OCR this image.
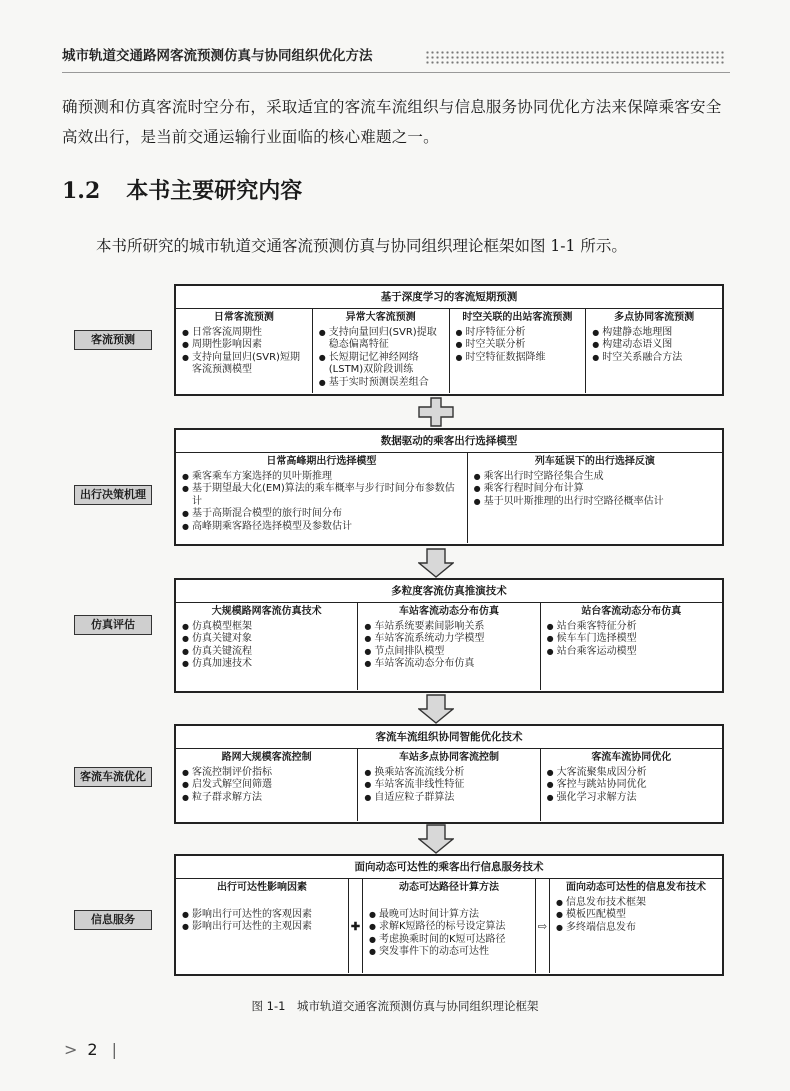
城市轨道交通路网客流预测仿真与协同组织优化方法

确预测和仿真客流时空分布，采取适宜的客流车流组织与信息服务协同优化方法来保障乘客安全高效出行，是当前交通运输行业面临的核心难题之一。

1.2 本书主要研究内容

本书所研究的城市轨道交通客流预测仿真与协同组织理论框架如图 1-1 所示。

客流预测
出行决策机理
仿真评估
客流车流优化
信息服务
基于深度学习的客流短期预测
日常客流预测
● 日常客流周期性
● 周期性影响因素
● 支持向量回归(SVR)短期客流预测模型
异常大客流预测
● 支持向量回归(SVR)提取稳态偏离特征
● 长短期记忆神经网络(LSTM)双阶段训练
● 基于实时预测误差组合
时空关联的出站客流预测
● 时序特征分析
● 时空关联分析
● 时空特征数据降维
多点协同客流预测
● 构建静态地理图
● 构建动态语义图
● 时空关系融合方法
数据驱动的乘客出行选择模型
日常高峰期出行选择模型
● 乘客乘车方案选择的贝叶斯推理
● 基于期望最大化(EM)算法的乘车概率与步行时间分布参数估计
● 基于高斯混合模型的旅行时间分布
● 高峰期乘客路径选择模型及参数估计
列车延误下的出行选择反演
● 乘客出行时空路径集合生成
● 乘客行程时间分布计算
● 基于贝叶斯推理的出行时空路径概率估计
多粒度客流仿真推演技术
大规模路网客流仿真技术
● 仿真模型框架
● 仿真关键对象
● 仿真关键流程
● 仿真加速技术
车站客流动态分布仿真
● 车站系统要素间影响关系
● 车站客流系统动力学模型
● 节点间排队模型
● 车站客流动态分布仿真
站台客流动态分布仿真
● 站台乘客特征分析
● 候车车门选择模型
● 站台乘客运动模型
客流车流组织协同智能优化技术
路网大规模客流控制
● 客流控制评价指标
● 启发式解空间筛選
● 粒子群求解方法
车站多点协同客流控制
● 换乘站客流流线分析
● 车站客流非线性特征
● 自适应粒子群算法
客流车流协同优化
● 大客流聚集成因分析
● 客控与跳站协同优化
● 强化学习求解方法
面向动态可达性的乘客出行信息服务技术
出行可达性影响因素
● 影响出行可达性的客观因素
● 影响出行可达性的主观因素	✚
动态可达路径计算方法
● 最晚可达时间计算方法
● 求解K短路径的标号设定算法
● 考虑换乘时间的K短可达路径
● 突发事件下的动态可达性
⇨
面向动态可达性的信息发布技术
● 信息发布技术框架
● 模板匹配模型
● 多终端信息发布
图 1-1　城市轨道交通客流预测仿真与协同组织理论框架
> 2 |
